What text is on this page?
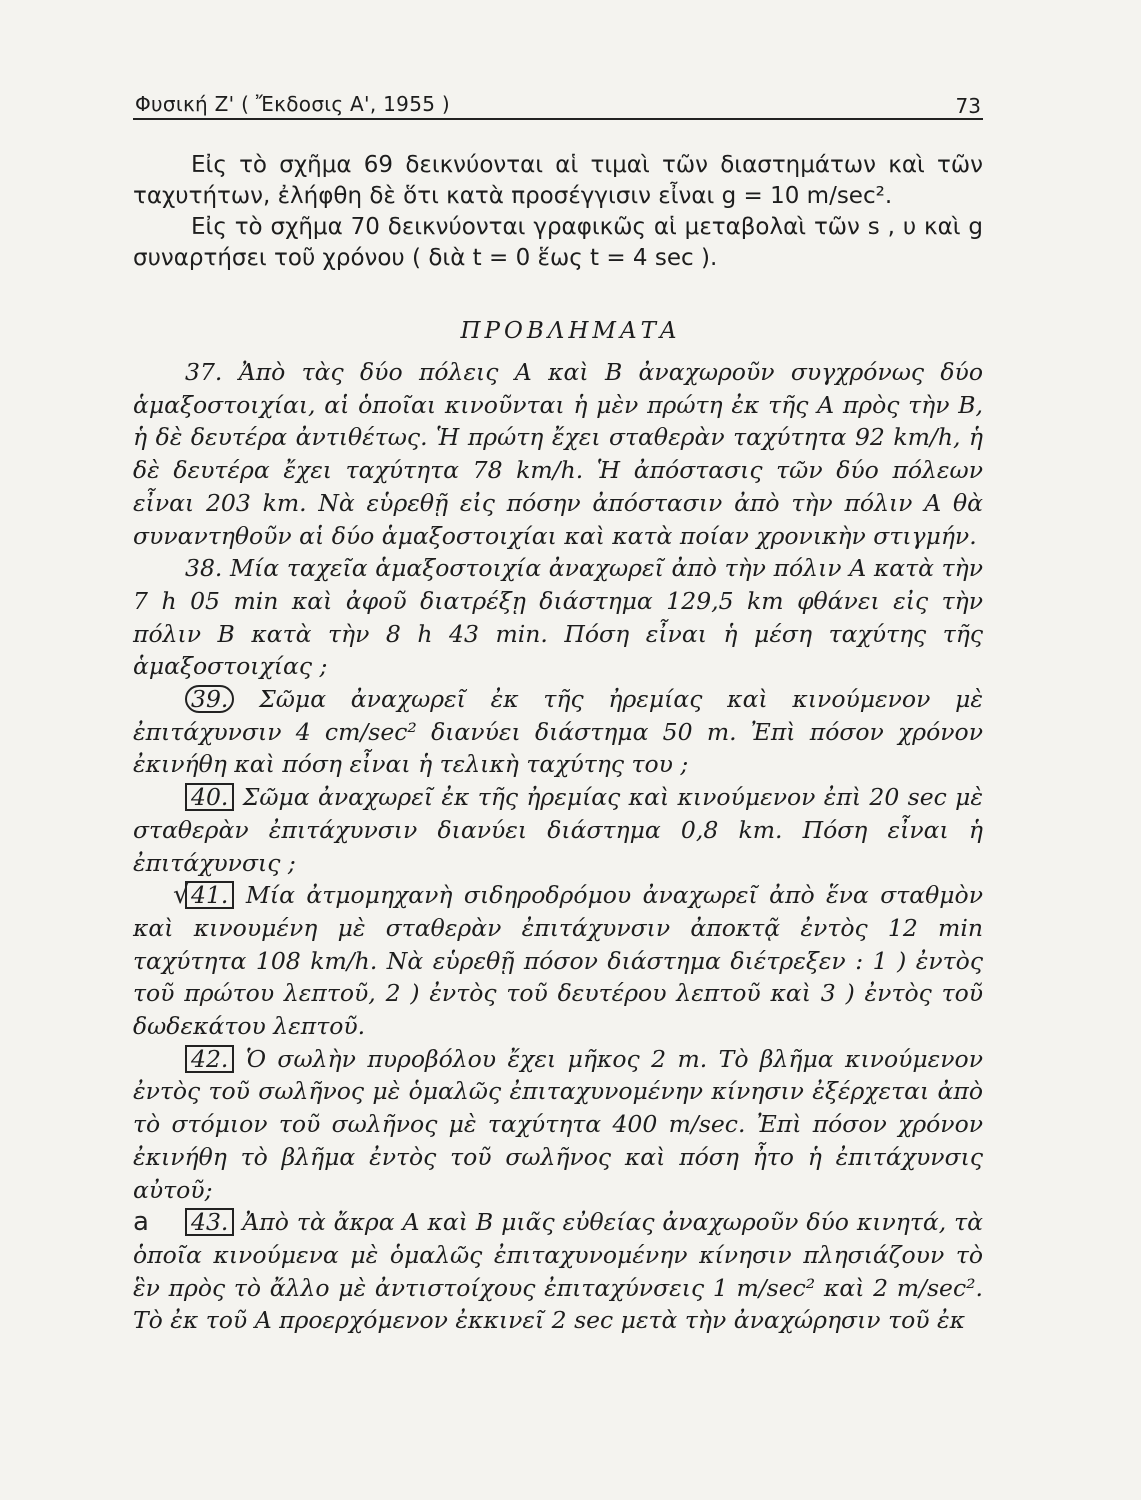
Φυσική Ζ' ( Ἔκδοσις Α', 1955 )	73

Εἰς τὸ σχῆμα 69 δεικνύονται αἱ τιμαὶ τῶν διαστημάτων καὶ τῶν ταχυτήτων, ἐλήφθη δὲ ὅτι κατὰ προσέγγισιν εἶναι g = 10 m/sec².

Εἰς τὸ σχῆμα 70 δεικνύονται γραφικῶς αἱ μεταβολαὶ τῶν s , υ καὶ g συναρτήσει τοῦ χρόνου ( διὰ t = 0 ἕως t = 4 sec ).

ΠΡΟΒΛΗΜΑΤΑ

37. Ἀπὸ τὰς δύο πόλεις Α καὶ Β ἀναχωροῦν συγχρόνως δύο ἁμαξοστοιχίαι, αἱ ὁποῖαι κινοῦνται ἡ μὲν πρώτη ἐκ τῆς Α πρὸς τὴν Β, ἡ δὲ δευτέρα ἀντιθέτως. Ἡ πρώτη ἔχει σταθερὰν ταχύτητα 92 km/h, ἡ δὲ δευτέρα ἔχει ταχύτητα 78 km/h. Ἡ ἀπόστασις τῶν δύο πόλεων εἶναι 203 km. Νὰ εὑρεθῇ εἰς πόσην ἀπόστασιν ἀπὸ τὴν πόλιν Α θὰ συναντηθοῦν αἱ δύο ἁμαξοστοιχίαι καὶ κατὰ ποίαν χρονικὴν στιγμήν.

38. Μία ταχεῖα ἁμαξοστοιχία ἀναχωρεῖ ἀπὸ τὴν πόλιν Α κατὰ τὴν 7 h 05 min καὶ ἀφοῦ διατρέξῃ διάστημα 129,5 km φθάνει εἰς τὴν πόλιν Β κατὰ τὴν 8 h 43 min. Πόση εἶναι ἡ μέση ταχύτης τῆς ἁμαξοστοιχίας ;

39. Σῶμα ἀναχωρεῖ ἐκ τῆς ἠρεμίας καὶ κινούμενον μὲ ἐπιτάχυνσιν 4 cm/sec² διανύει διάστημα 50 m. Ἐπὶ πόσον χρόνον ἐκινήθη καὶ πόση εἶναι ἡ τελικὴ ταχύτης του ;

40. Σῶμα ἀναχωρεῖ ἐκ τῆς ἠρεμίας καὶ κινούμενον ἐπὶ 20 sec μὲ σταθερὰν ἐπιτάχυνσιν διανύει διάστημα 0,8 km. Πόση εἶναι ἡ ἐπιτάχυνσις ;

√ 41. Μία ἀτμομηχανὴ σιδηροδρόμου ἀναχωρεῖ ἀπὸ ἕνα σταθμὸν καὶ κινουμένη μὲ σταθερὰν ἐπιτάχυνσιν ἀποκτᾷ ἐντὸς 12 min ταχύτητα 108 km/h. Νὰ εὑρεθῇ πόσον διάστημα διέτρεξεν : 1 ) ἐντὸς τοῦ πρώτου λεπτοῦ, 2 ) ἐντὸς τοῦ δευτέρου λεπτοῦ καὶ 3 ) ἐντὸς τοῦ δωδεκάτου λεπτοῦ.

42. Ὁ σωλὴν πυροβόλου ἔχει μῆκος 2 m. Τὸ βλῆμα κινούμενον ἐντὸς τοῦ σωλῆνος μὲ ὁμαλῶς ἐπιταχυνομένην κίνησιν ἐξέρχεται ἀπὸ τὸ στόμιον τοῦ σωλῆνος μὲ ταχύτητα 400 m/sec. Ἐπὶ πόσον χρόνον ἐκινήθη τὸ βλῆμα ἐντὸς τοῦ σωλῆνος καὶ πόση ἦτο ἡ ἐπιτάχυνσις αὐτοῦ;

a 43. Ἀπὸ τὰ ἄκρα Α καὶ Β μιᾶς εὐθείας ἀναχωροῦν δύο κινητά, τὰ ὁποῖα κινούμενα μὲ ὁμαλῶς ἐπιταχυνομένην κίνησιν πλησιάζουν τὸ ἓν πρὸς τὸ ἄλλο μὲ ἀντιστοίχους ἐπιταχύνσεις 1 m/sec² καὶ 2 m/sec². Τὸ ἐκ τοῦ Α προερχόμενον ἐκκινεῖ 2 sec μετὰ τὴν ἀναχώρησιν τοῦ ἐκ
